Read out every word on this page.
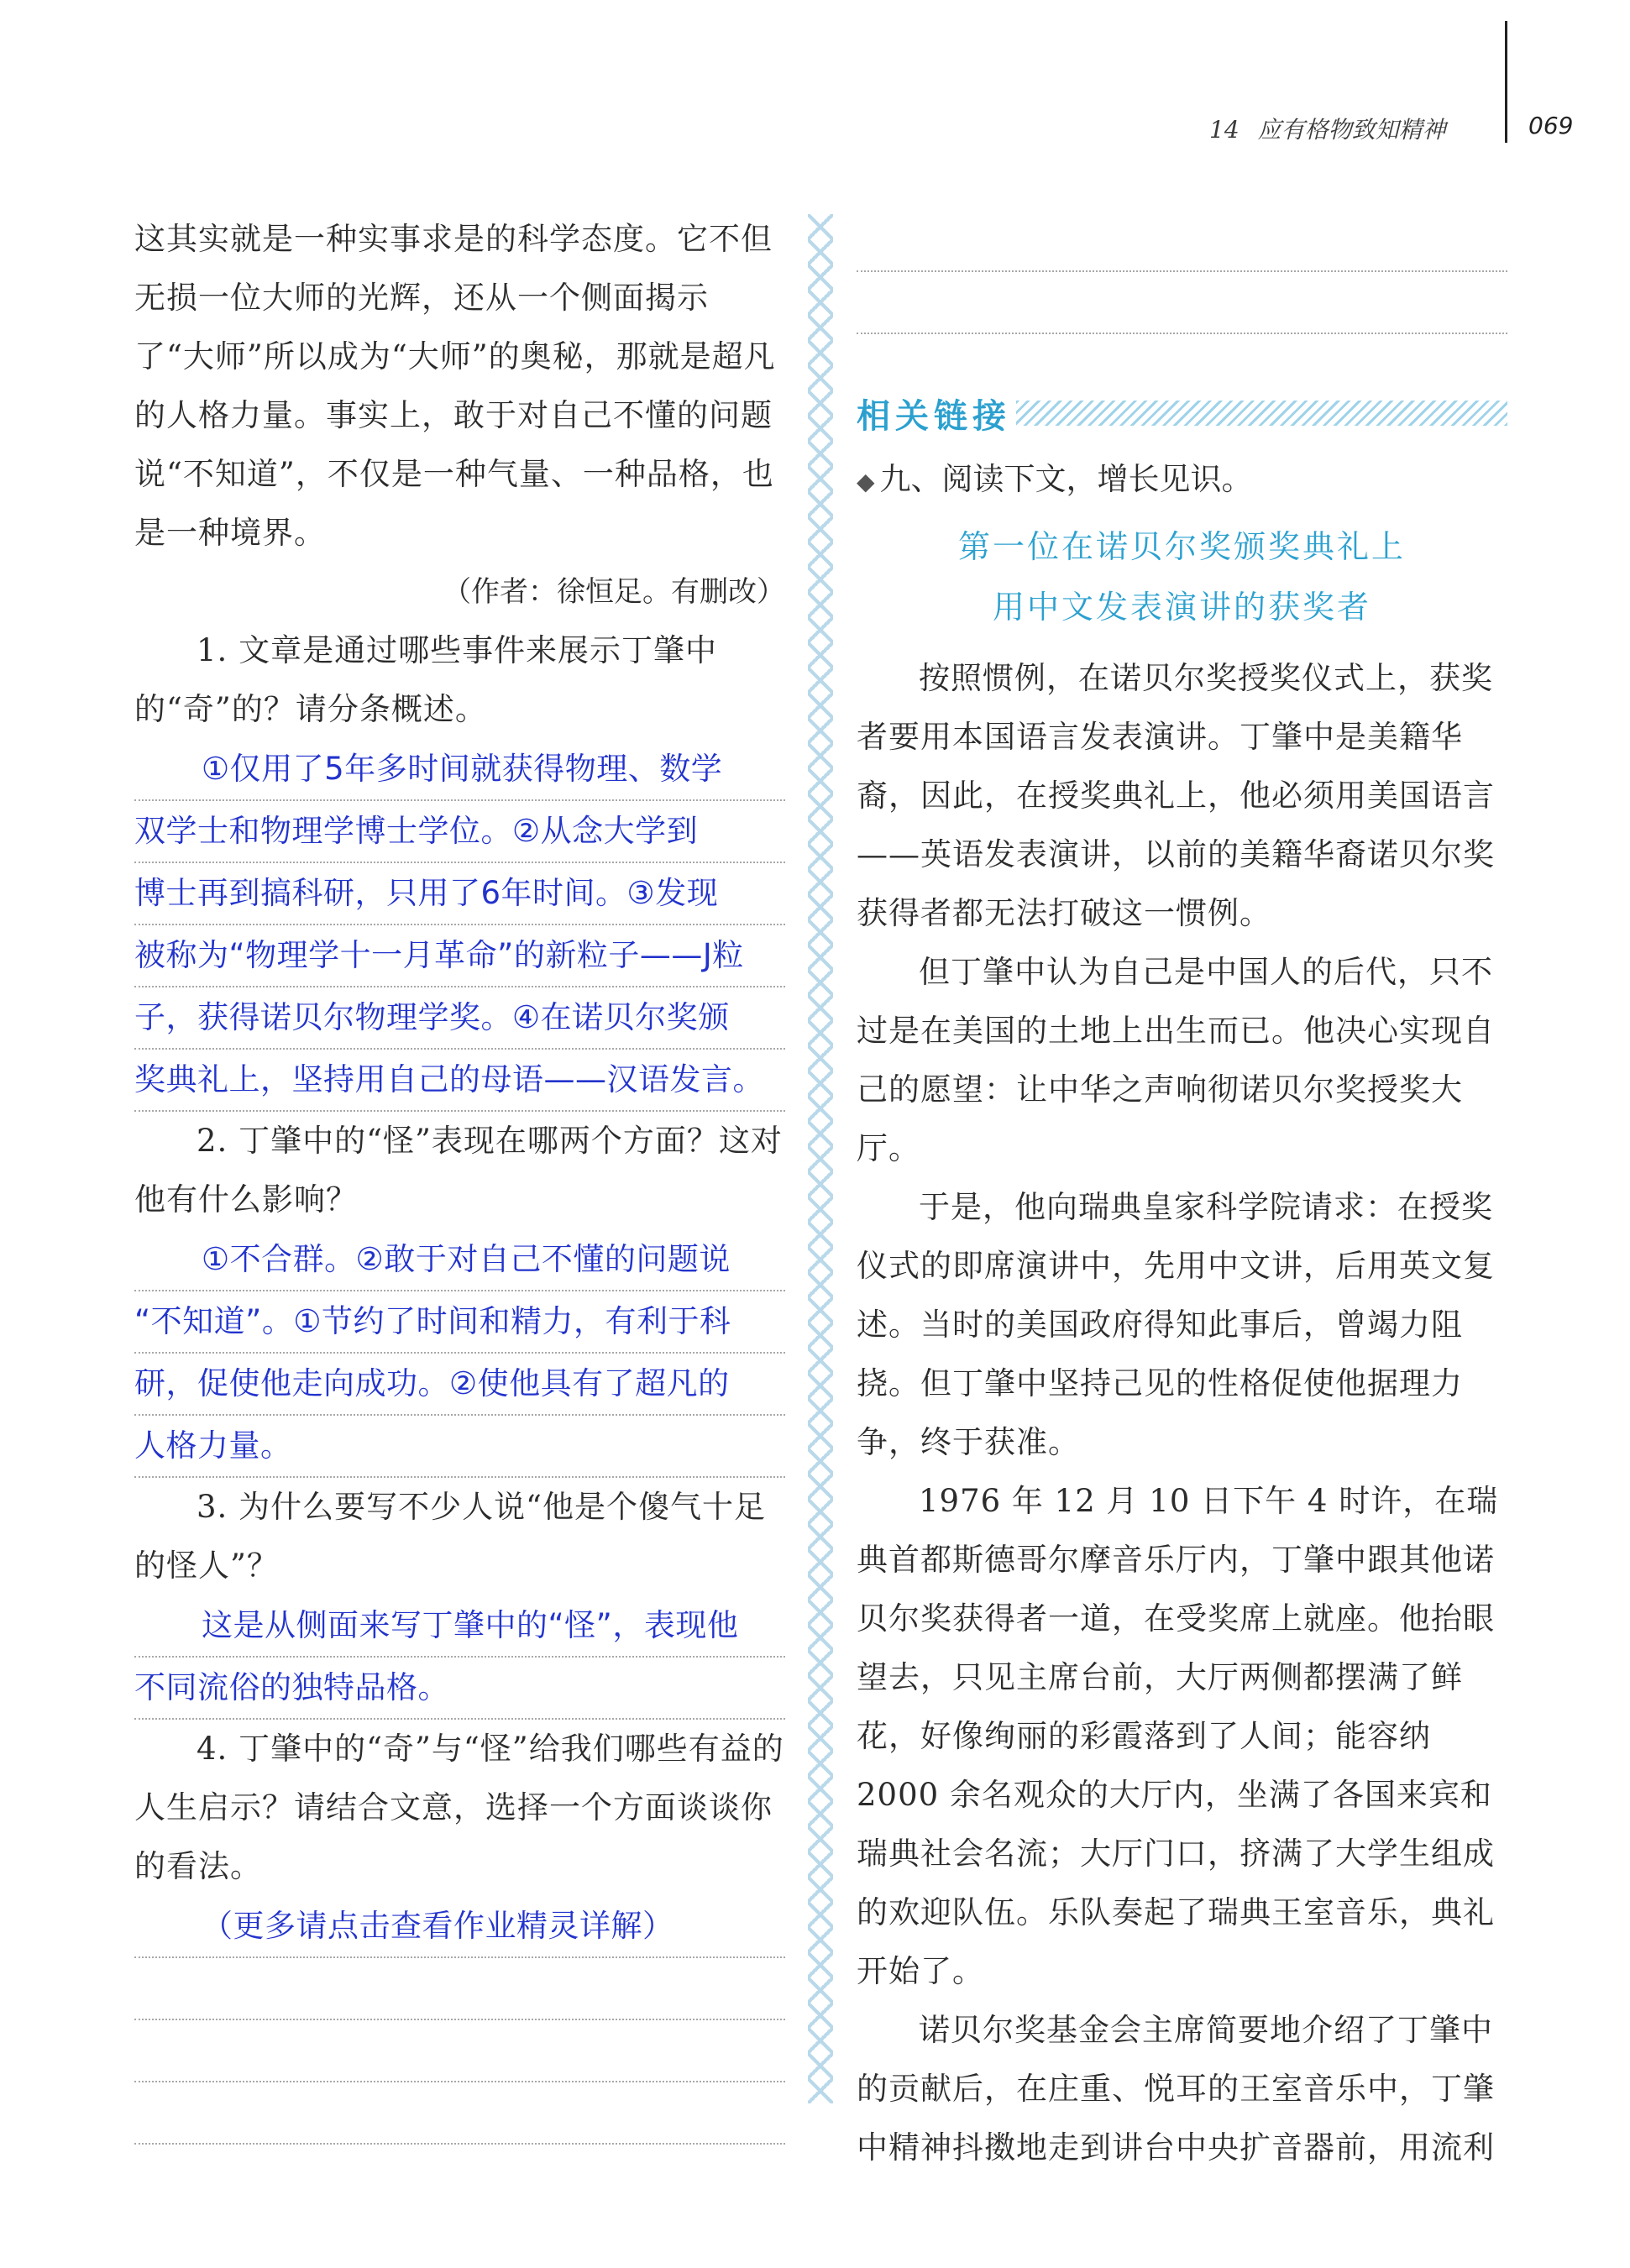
14 应有格物致知精神	069

这其实就是一种实事求是的科学态度。它不但无损一位大师的光辉，还从一个侧面揭示了“大师”所以成为“大师”的奥秘，那就是超凡的人格力量。事实上，敢于对自己不懂的问题说“不知道”，不仅是一种气量、一种品格，也是一种境界。

（作者：徐恒足。有删改）

1. 文章是通过哪些事件来展示丁肇中的“奇”的？请分条概述。

①仅用了5年多时间就获得物理、数学
双学士和物理学博士学位。②从念大学到
博士再到搞科研，只用了6年时间。③发现
被称为“物理学十一月革命”的新粒子——J粒
子，获得诺贝尔物理学奖。④在诺贝尔奖颁
奖典礼上，坚持用自己的母语——汉语发言。

2. 丁肇中的“怪”表现在哪两个方面？这对他有什么影响？

①不合群。②敢于对自己不懂的问题说
“不知道”。①节约了时间和精力，有利于科
研，促使他走向成功。②使他具有了超凡的
人格力量。

3. 为什么要写不少人说“他是个傻气十足的怪人”？

这是从侧面来写丁肇中的“怪”，表现他
不同流俗的独特品格。

4. 丁肇中的“奇”与“怪”给我们哪些有益的人生启示？请结合文意，选择一个方面谈谈你的看法。

（更多请点击查看作业精灵详解）
相关链接

◆ 九、阅读下文，增长见识。

第一位在诺贝尔奖颁奖典礼上
用中文发表演讲的获奖者

按照惯例，在诺贝尔奖授奖仪式上，获奖者要用本国语言发表演讲。丁肇中是美籍华裔，因此，在授奖典礼上，他必须用美国语言——英语发表演讲，以前的美籍华裔诺贝尔奖获得者都无法打破这一惯例。

但丁肇中认为自己是中国人的后代，只不过是在美国的土地上出生而已。他决心实现自己的愿望：让中华之声响彻诺贝尔奖授奖大厅。

于是，他向瑞典皇家科学院请求：在授奖仪式的即席演讲中，先用中文讲，后用英文复述。当时的美国政府得知此事后，曾竭力阻挠。但丁肇中坚持己见的性格促使他据理力争，终于获准。

1976 年 12 月 10 日下午 4 时许，在瑞典首都斯德哥尔摩音乐厅内，丁肇中跟其他诺贝尔奖获得者一道，在受奖席上就座。他抬眼望去，只见主席台前，大厅两侧都摆满了鲜花，好像绚丽的彩霞落到了人间；能容纳 2000 余名观众的大厅内，坐满了各国来宾和瑞典社会名流；大厅门口，挤满了大学生组成的欢迎队伍。乐队奏起了瑞典王室音乐，典礼开始了。

诺贝尔奖基金会主席简要地介绍了丁肇中的贡献后，在庄重、悦耳的王室音乐中，丁肇中精神抖擞地走到讲台中央扩音器前，用流利
